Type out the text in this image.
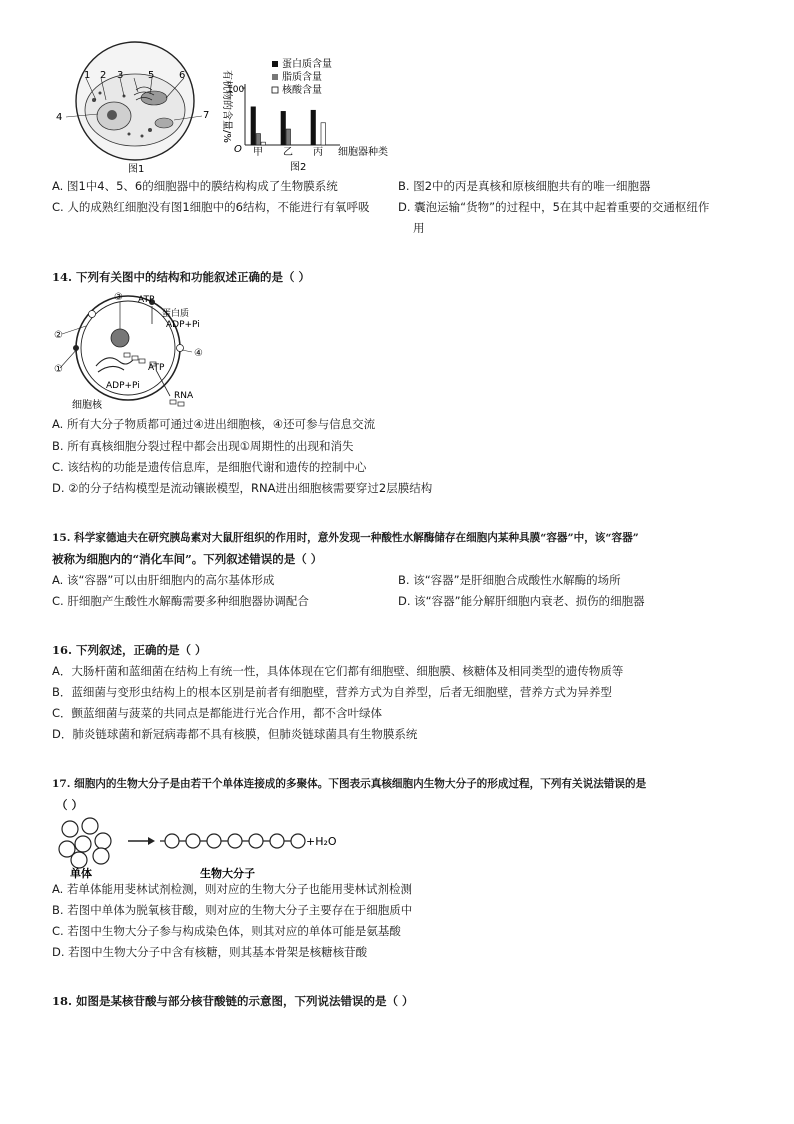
1 2 3
4
5 6
7
图1
有机物的含量/%
100
O 甲 乙 丙 细胞器种类
图2
蛋白质含量
脂质含量
核酸含量
A. 图1中4、5、6的细胞器中的膜结构构成了生物膜系统	B. 图2中的丙是真核和原核细胞共有的唯一细胞器
C. 人的成熟红细胞没有图1细胞中的6结构，不能进行有氧呼吸 D. 囊泡运输“货物”的过程中，5在其中起着重要的交通枢纽作
用
14. 下列有关图中的结构和功能叙述正确的是（ ）
③
②
①
④
ATP
蛋白质
ADP+Pi
ATP
ADP+Pi
RNA
细胞核
A. 所有大分子物质都可通过④进出细胞核，④还可参与信息交流
B. 所有真核细胞分裂过程中都会出现①周期性的出现和消失
C. 该结构的功能是遗传信息库，是细胞代谢和遗传的控制中心
D. ②的分子结构模型是流动镶嵌模型，RNA进出细胞核需要穿过2层膜结构
15. 科学家德迪夫在研究胰岛素对大鼠肝组织的作用时，意外发现一种酸性水解酶储存在细胞内某种具膜“容器”中，该“容器”
被称为细胞内的“消化车间”。下列叙述错误的是（ ）
A. 该“容器”可以由肝细胞内的高尔基体形成	B. 该“容器”是肝细胞合成酸性水解酶的场所
C. 肝细胞产生酸性水解酶需要多种细胞器协调配合	D. 该“容器”能分解肝细胞内衰老、损伤的细胞器
16. 下列叙述，正确的是（ ）
A．大肠杆菌和蓝细菌在结构上有统一性，具体体现在它们都有细胞壁、细胞膜、核糖体及相同类型的遗传物质等
B．蓝细菌与变形虫结构上的根本区别是前者有细胞壁，营养方式为自养型，后者无细胞壁，营养方式为异养型
C．颤蓝细菌与菠菜的共同点是都能进行光合作用，都不含叶绿体
D．肺炎链球菌和新冠病毒都不具有核膜，但肺炎链球菌具有生物膜系统
17. 细胞内的生物大分子是由若干个单体连接成的多聚体。下图表示真核细胞内生物大分子的形成过程，下列有关说法错误的是
（ ）
+H₂O
单体	生物大分子
A. 若单体能用斐林试剂检测，则对应的生物大分子也能用斐林试剂检测
B. 若图中单体为脱氧核苷酸，则对应的生物大分子主要存在于细胞质中
C. 若图中生物大分子参与构成染色体，则其对应的单体可能是氨基酸
D. 若图中生物大分子中含有核糖，则其基本骨架是核糖核苷酸
18. 如图是某核苷酸与部分核苷酸链的示意图，下列说法错误的是（ ）
